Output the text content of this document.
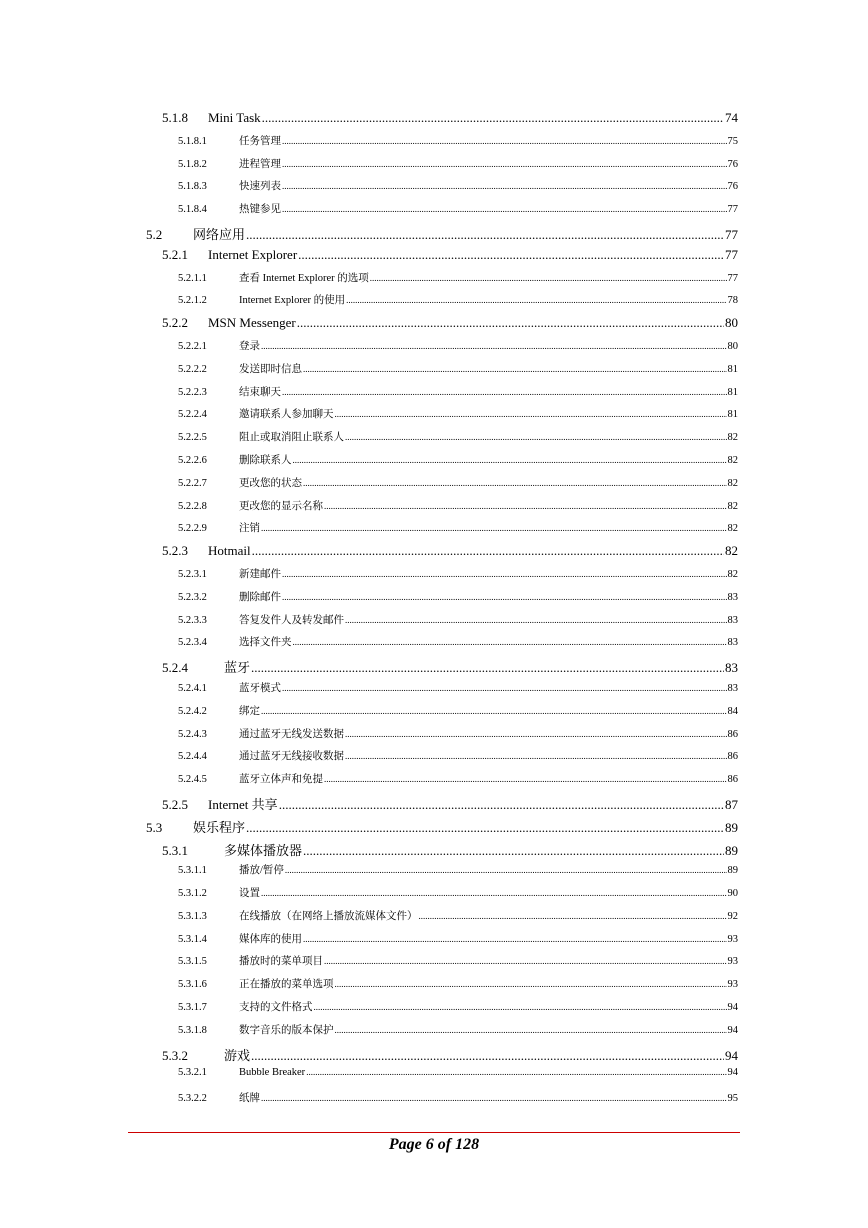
5.1.8	Mini Task .....	74
5.1.8.1	任务管理 .....	75
5.1.8.2	进程管理 .....	76
5.1.8.3	快速列表 .....	76
5.1.8.4	热键参见 .....	77
5.2	网络应用 .....	77
5.2.1	Internet Explorer .....	77
5.2.1.1	查看 Internet Explorer 的选项 .....	77
5.2.1.2	Internet Explorer 的使用 .....	78
5.2.2	MSN Messenger .....	80
5.2.2.1	登录 .....	80
5.2.2.2	发送即时信息 .....	81
5.2.2.3	结束聊天 .....	81
5.2.2.4	邀请联系人参加聊天 .....	81
5.2.2.5	阻止或取消阻止联系人 .....	82
5.2.2.6	删除联系人 .....	82
5.2.2.7	更改您的状态 .....	82
5.2.2.8	更改您的显示名称 .....	82
5.2.2.9	注销 .....	82
5.2.3	Hotmail .....	82
5.2.3.1	新建邮件 .....	82
5.2.3.2	删除邮件 .....	83
5.2.3.3	答复发件人及转发邮件 .....	83
5.2.3.4	选择文件夹 .....	83
5.2.4	蓝牙 .....	83
5.2.4.1	蓝牙模式 .....	83
5.2.4.2	绑定 .....	84
5.2.4.3	通过蓝牙无线发送数据 .....	86
5.2.4.4	通过蓝牙无线接收数据 .....	86
5.2.4.5	蓝牙立体声和免提 .....	86
5.2.5	Internet 共享 .....	87
5.3	娱乐程序 .....	89
5.3.1	多媒体播放器 .....	89
5.3.1.1	播放/暂停 .....	89
5.3.1.2	设置 .....	90
5.3.1.3	在线播放（在网络上播放流媒体文件） .....	92
5.3.1.4	媒体库的使用 .....	93
5.3.1.5	播放时的菜单项目 .....	93
5.3.1.6	正在播放的菜单选项 .....	93
5.3.1.7	支持的文件格式 .....	94
5.3.1.8	数字音乐的版本保护 .....	94
5.3.2	游戏 .....	94
5.3.2.1	Bubble Breaker .....	94
5.3.2.2	纸牌 .....	95
Page 6 of 128
